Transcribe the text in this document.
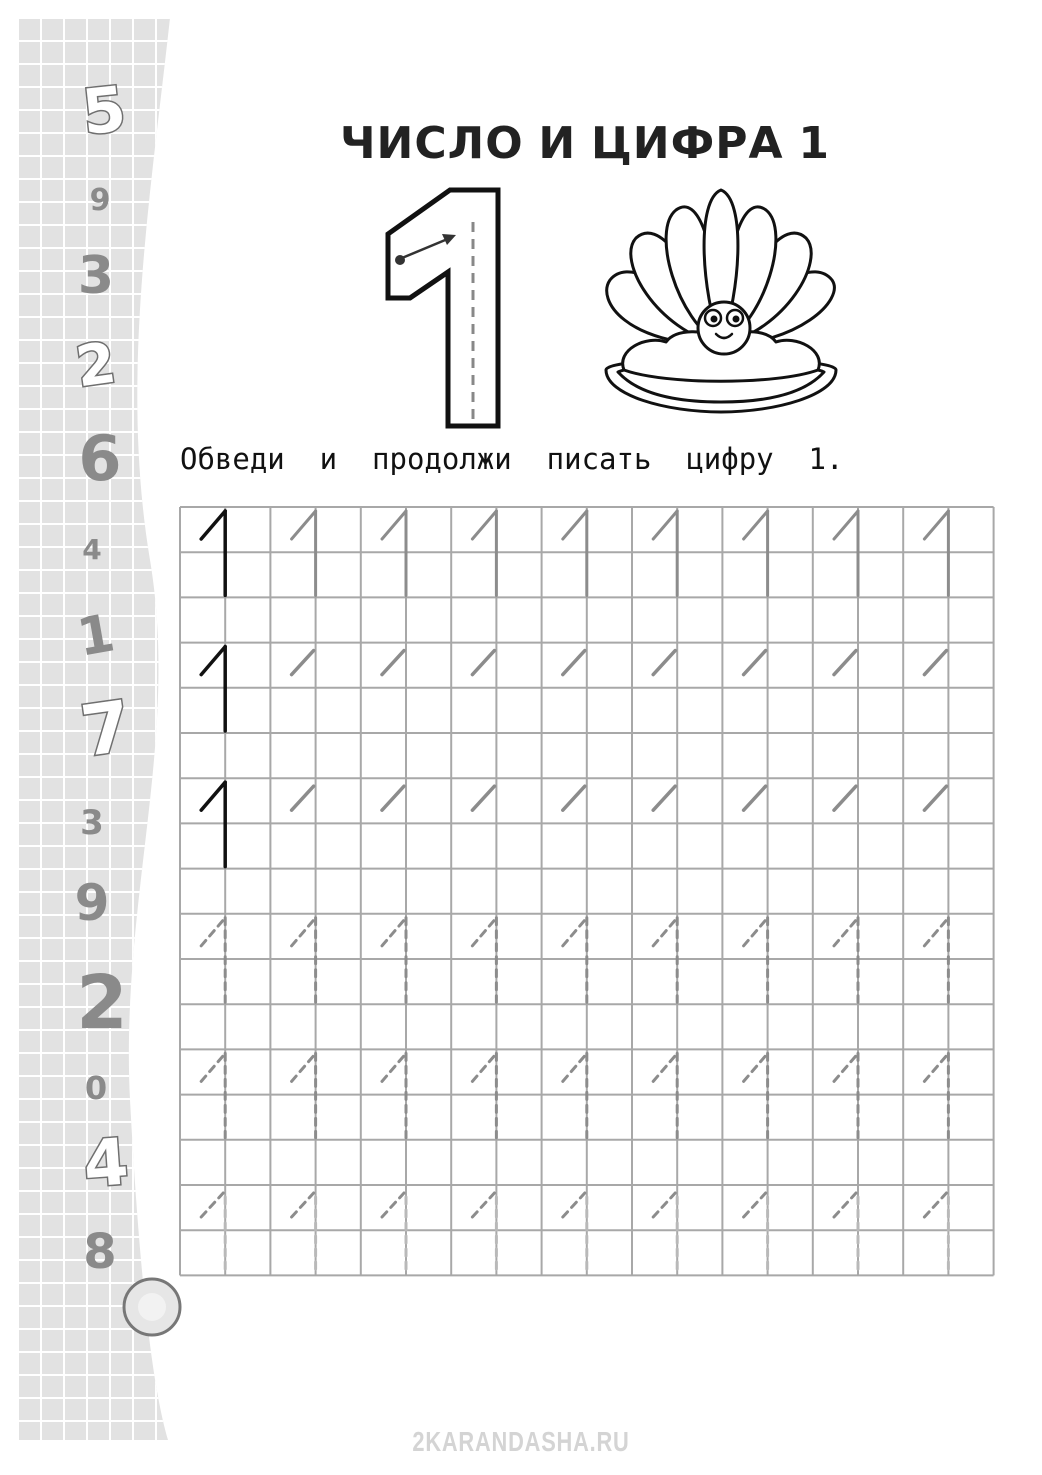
5
9
3
2
6
4
1
7
3
9
2
0
4
8
ЧИСЛО И ЦИФРА 1
Обведи  и  продолжи  писать  цифру  1.
2KARANDASHA.RU
